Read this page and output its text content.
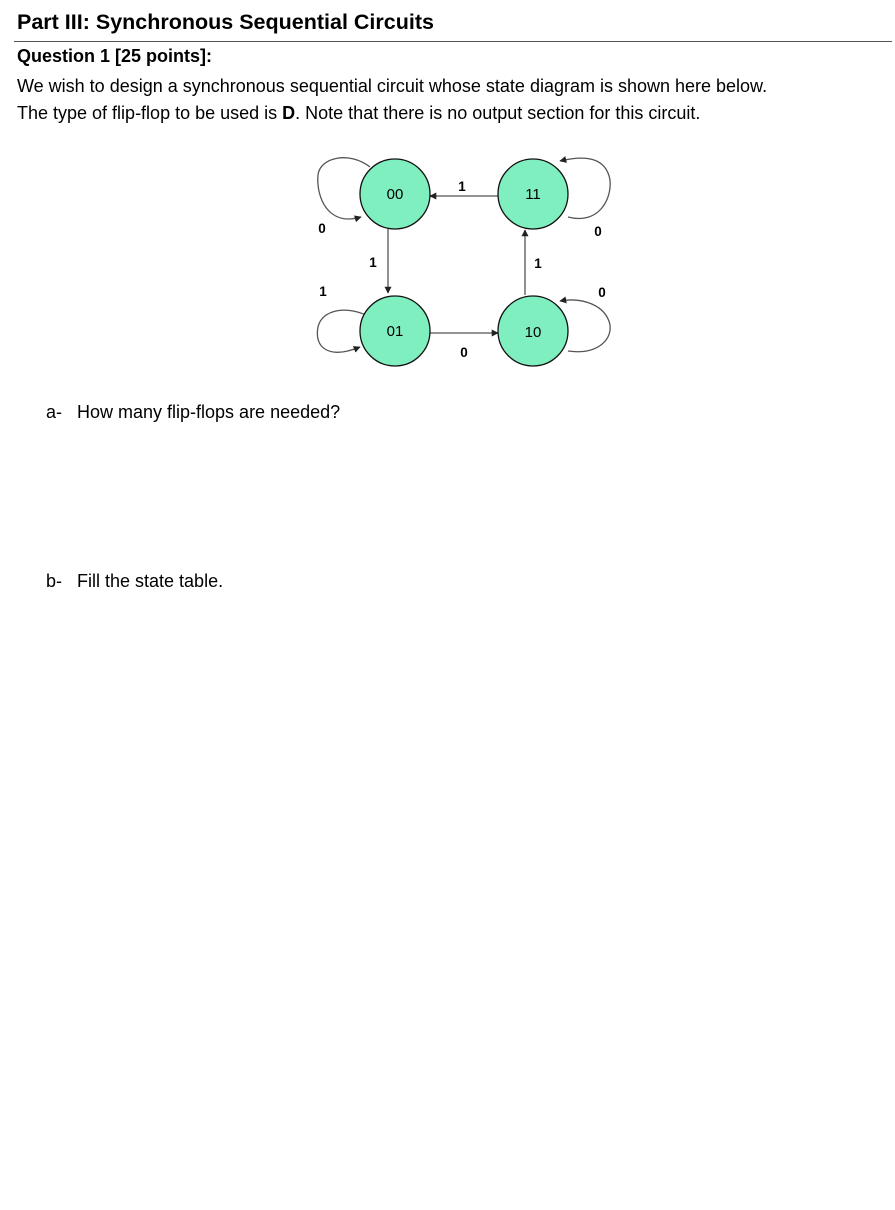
Part III: Synchronous Sequential Circuits
Question 1 [25 points]:
We wish to design a synchronous sequential circuit whose state diagram is shown here below.
The type of flip-flop to be used is D. Note that there is no output section for this circuit.
00	11
01	10
0
1
1
0
0
1
0
1
a- How many flip-flops are needed?
b- Fill the state table.
